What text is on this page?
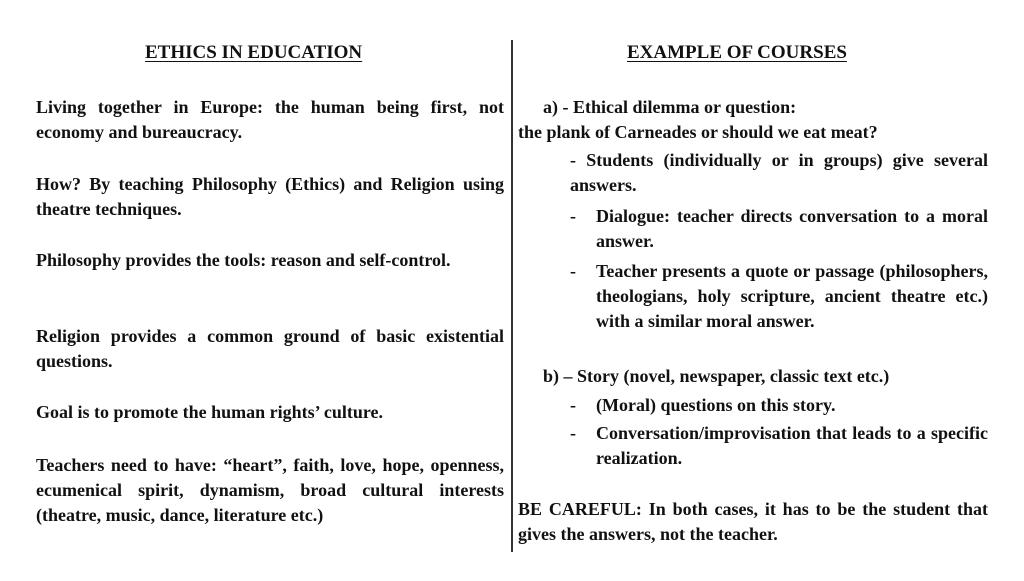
ETHICS IN EDUCATION
Living together in Europe: the human being first, not economy and bureaucracy.
How? By teaching Philosophy (Ethics) and Religion using theatre techniques.
Philosophy provides the tools: reason and self-control.
Religion provides a common ground of basic existential questions.
Goal is to promote the human rights’ culture.
Teachers need to have: “heart”, faith, love, hope, openness, ecumenical spirit, dynamism, broad cultural interests (theatre, music, dance, literature etc.)
EXAMPLE OF COURSES
a) - Ethical dilemma or question:
the plank of Carneades or should we eat meat?
- Students (individually or in groups) give several answers.
- Dialogue: teacher directs conversation to a moral answer.
- Teacher presents a quote or passage (philosophers, theologians, holy scripture, ancient theatre etc.) with a similar moral answer.
b) – Story (novel, newspaper, classic text etc.)
- (Moral) questions on this story.
- Conversation/improvisation that leads to a specific realization.
BE CAREFUL: In both cases, it has to be the student that gives the answers, not the teacher.
